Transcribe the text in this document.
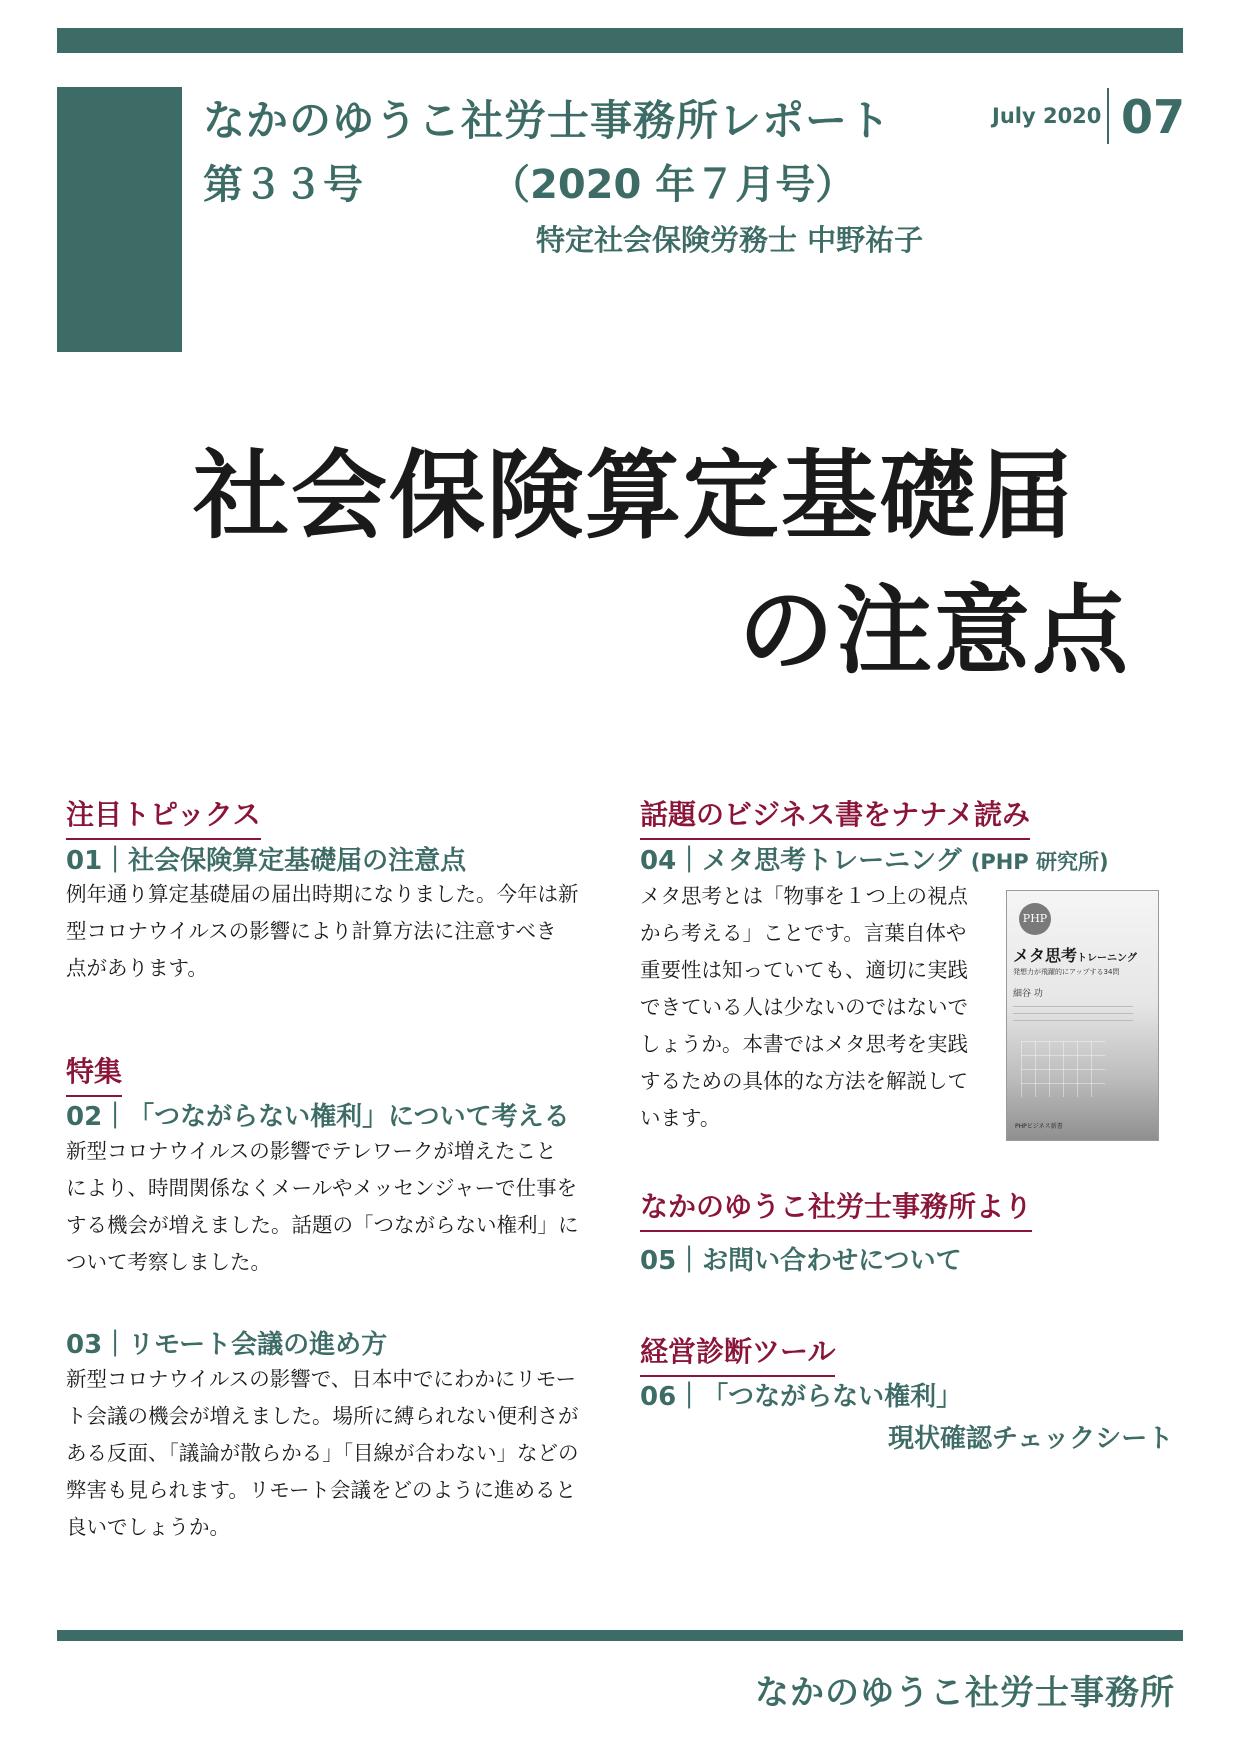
なかのゆうこ社労士事務所レポート
第３３号	（2020 年７月号）
特定社会保険労務士 中野祐子
July 2020 07
社会保険算定基礎届
の注意点
注目トピックス
01｜社会保険算定基礎届の注意点
例年通り算定基礎届の届出時期になりました。今年は新
型コロナウイルスの影響により計算方法に注意すべき
点があります。
特集
02｜「つながらない権利」について考える
新型コロナウイルスの影響でテレワークが増えたこと
により、時間関係なくメールやメッセンジャーで仕事を
する機会が増えました。話題の「つながらない権利」に
ついて考察しました。
03｜リモート会議の進め方
新型コロナウイルスの影響で、日本中でにわかにリモー
ト会議の機会が増えました。場所に縛られない便利さが
ある反面、「議論が散らかる」「目線が合わない」などの
弊害も見られます。リモート会議をどのように進めると
良いでしょうか。
話題のビジネス書をナナメ読み
04｜メタ思考トレーニング (PHP 研究所)
メタ思考とは「物事を１つ上の視点
から考える」ことです。言葉自体や
重要性は知っていても、適切に実践
できている人は少ないのではないで
しょうか。本書ではメタ思考を実践
するための具体的な方法を解説して
います。
PHP
メタ思考トレーニング
発想力が飛躍的にアップする34問
細谷 功
PHPビジネス新書
なかのゆうこ社労士事務所より
05｜お問い合わせについて
経営診断ツール
06｜「つながらない権利」
現状確認チェックシート
なかのゆうこ社労士事務所
